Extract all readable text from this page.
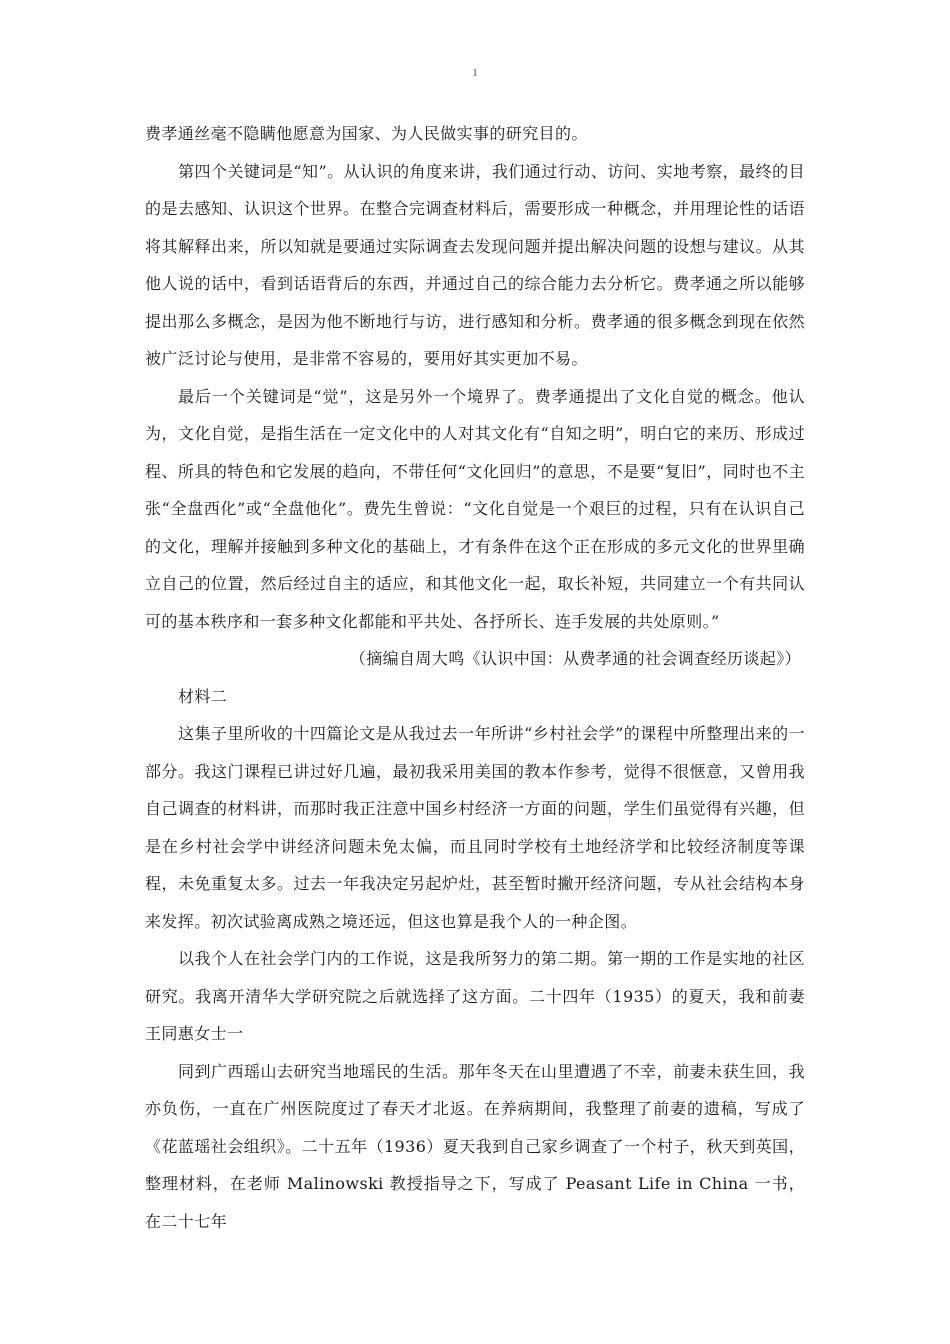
1

费孝通丝毫不隐瞒他愿意为国家、为人民做实事的研究目的。

第四个关键词是“知”。从认识的角度来讲，我们通过行动、访问、实地考察，最终的目的是去感知、认识这个世界。在整合完调查材料后，需要形成一种概念，并用理论性的话语将其解释出来，所以知就是要通过实际调查去发现问题并提出解决问题的设想与建议。从其他人说的话中，看到话语背后的东西，并通过自己的综合能力去分析它。费孝通之所以能够提出那么多概念，是因为他不断地行与访，进行感知和分析。费孝通的很多概念到现在依然被广泛讨论与使用，是非常不容易的，要用好其实更加不易。

最后一个关键词是“觉”，这是另外一个境界了。费孝通提出了文化自觉的概念。他认为，文化自觉，是指生活在一定文化中的人对其文化有“自知之明”，明白它的来历、形成过程、所具的特色和它发展的趋向，不带任何“文化回归”的意思，不是要“复旧”，同时也不主张“全盘西化”或“全盘他化”。费先生曾说：“文化自觉是一个艰巨的过程，只有在认识自己的文化，理解并接触到多种文化的基础上，才有条件在这个正在形成的多元文化的世界里确立自己的位置，然后经过自主的适应，和其他文化一起，取长补短，共同建立一个有共同认可的基本秩序和一套多种文化都能和平共处、各抒所长、连手发展的共处原则。”

（摘编自周大鸣《认识中国：从费孝通的社会调查经历谈起》）

材料二

这集子里所收的十四篇论文是从我过去一年所讲“乡村社会学”的课程中所整理出来的一部分。我这门课程已讲过好几遍，最初我采用美国的教本作参考，觉得不很惬意，又曾用我自己调查的材料讲，而那时我正注意中国乡村经济一方面的问题，学生们虽觉得有兴趣，但是在乡村社会学中讲经济问题未免太偏，而且同时学校有土地经济学和比较经济制度等课程，未免重复太多。过去一年我决定另起炉灶，甚至暂时撇开经济问题，专从社会结构本身来发挥。初次试验离成熟之境还远，但这也算是我个人的一种企图。

以我个人在社会学门内的工作说，这是我所努力的第二期。第一期的工作是实地的社区研究。我离开清华大学研究院之后就选择了这方面。二十四年（1935）的夏天，我和前妻王同惠女士一

同到广西瑶山去研究当地瑶民的生活。那年冬天在山里遭遇了不幸，前妻未获生回，我亦负伤，一直在广州医院度过了春天才北返。在养病期间，我整理了前妻的遗稿，写成了《花蓝瑶社会组织》。二十五年（1936）夏天我到自己家乡调查了一个村子，秋天到英国，整理材料，在老师 Malinowski 教授指导之下，写成了 Peasant Life in China 一书，在二十七年
